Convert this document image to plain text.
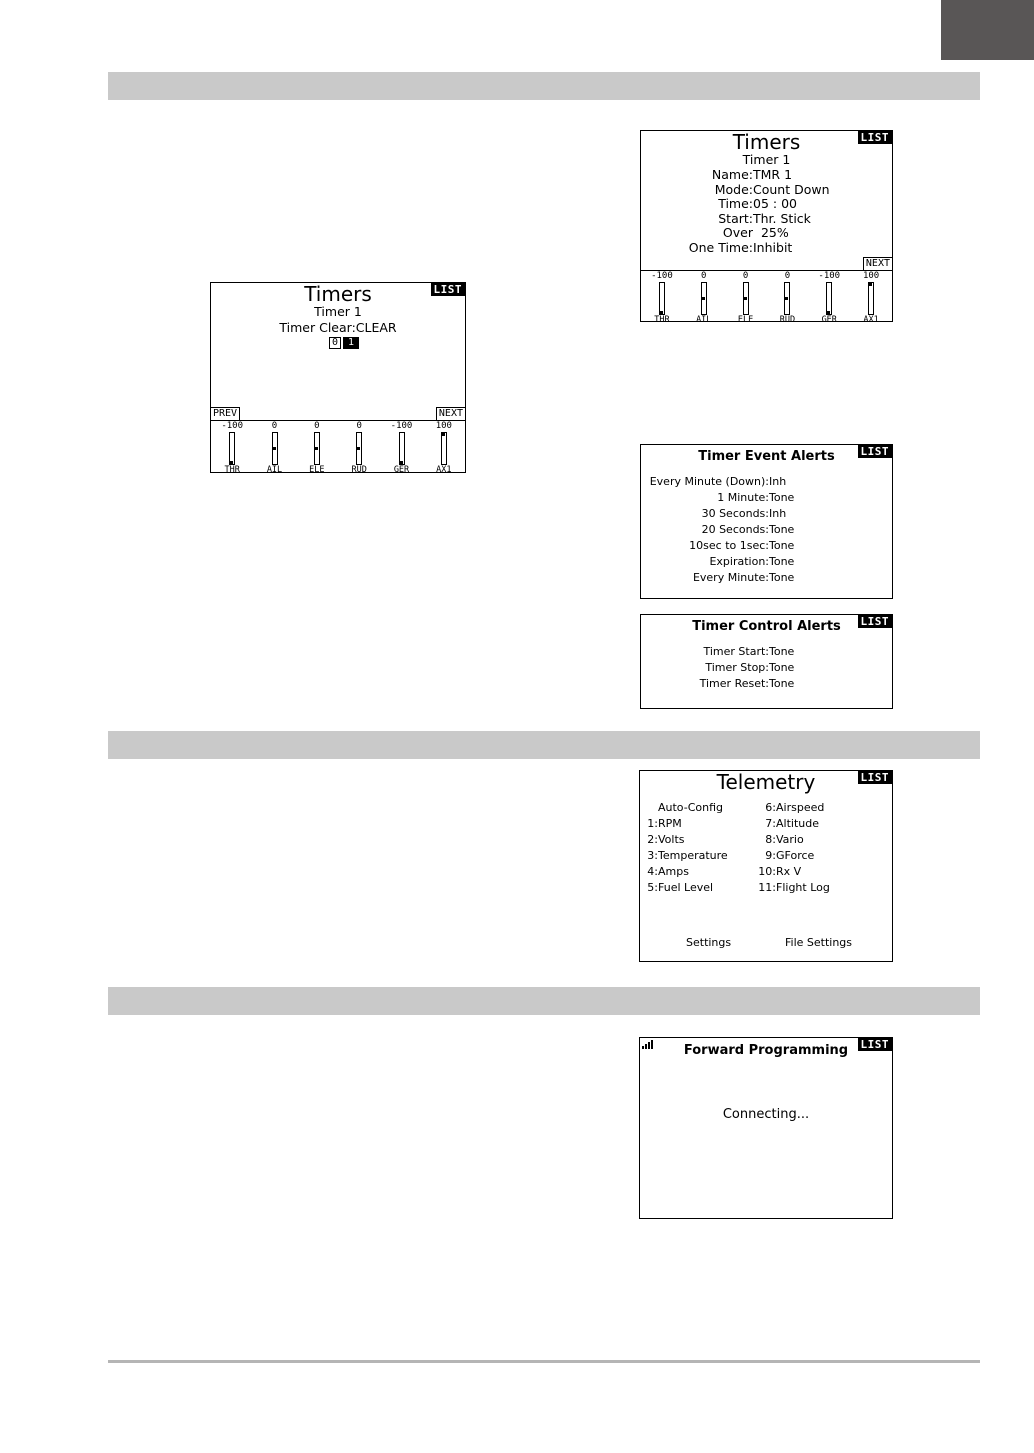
Timers	LIST
Timer 1
Timer Clear:CLEAR
0 1
PREV	NEXT
-100
THR
0
AIL
0
ELE
0
RUD
-100
GER
100
AX1
Timers	LIST
Timer 1
Name:TMR 1
Mode:Count Down
Time:05 : 00
Start:Thr. Stick
Over  25%
One Time:Inhibit
NEXT
-100
THR
0
AIL
0
ELE
0
RUD
-100
GER
100
AX1
Timer Event Alerts	LIST
Every Minute (Down):Inh
1 Minute:Tone
30 Seconds:Inh
20 Seconds:Tone
10sec to 1sec:Tone
Expiration:Tone
Every Minute:Tone
Timer Control Alerts	LIST
Timer Start:Tone
Timer Stop:Tone
Timer Reset:Tone
Telemetry	LIST
Auto-Config
1:RPM
2:Volts
3:Temperature
4:Amps
5:Fuel Level
6:Airspeed
7:Altitude
8:Vario
9:GForce
10:Rx V
11:Flight Log
Settings	File Settings
Forward Programming	LIST
Connecting...
